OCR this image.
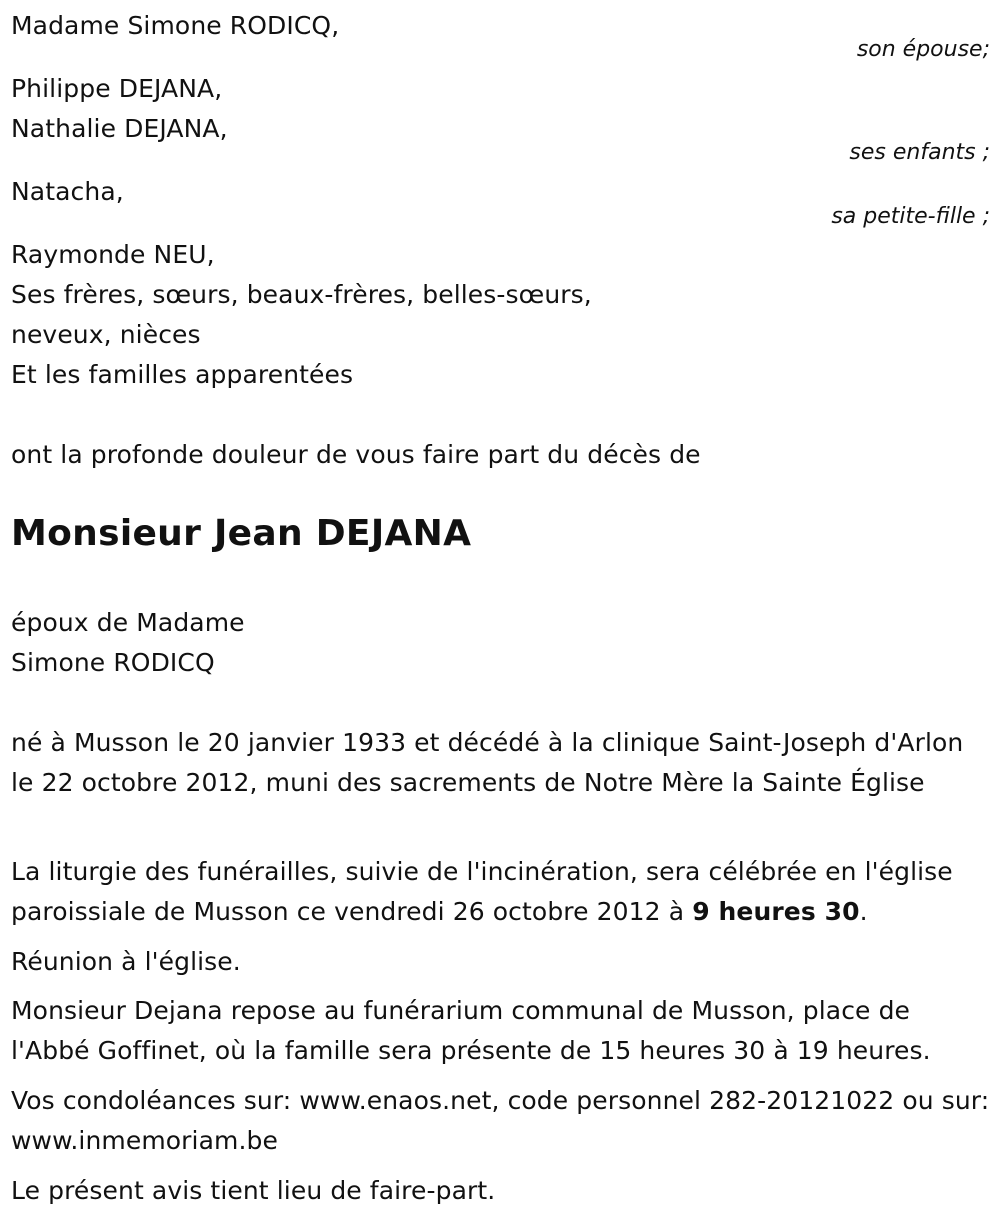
Madame Simone RODICQ,
son épouse;
Philippe DEJANA,
Nathalie DEJANA,
ses enfants ;
Natacha,
sa petite-fille ;
Raymonde NEU,
Ses frères, sœurs, beaux-frères, belles-sœurs,
neveux, nièces
Et les familles apparentées
ont la profonde douleur de vous faire part du décès de
Monsieur Jean DEJANA
époux de Madame
Simone RODICQ
né à Musson le 20 janvier 1933 et décédé à la clinique Saint-Joseph d'Arlon le 22 octobre 2012, muni des sacrements de Notre Mère la Sainte Église
La liturgie des funérailles, suivie de l'incinération, sera célébrée en l'église paroissiale de Musson ce vendredi 26 octobre 2012 à 9 heures 30.
Réunion à l'église.
Monsieur Dejana repose au funérarium communal de Musson, place de l'Abbé Goffinet, où la famille sera présente de 15 heures 30 à 19 heures.
Vos condoléances sur: www.enaos.net, code personnel 282-20121022 ou sur: www.inmemoriam.be
Le présent avis tient lieu de faire-part.
